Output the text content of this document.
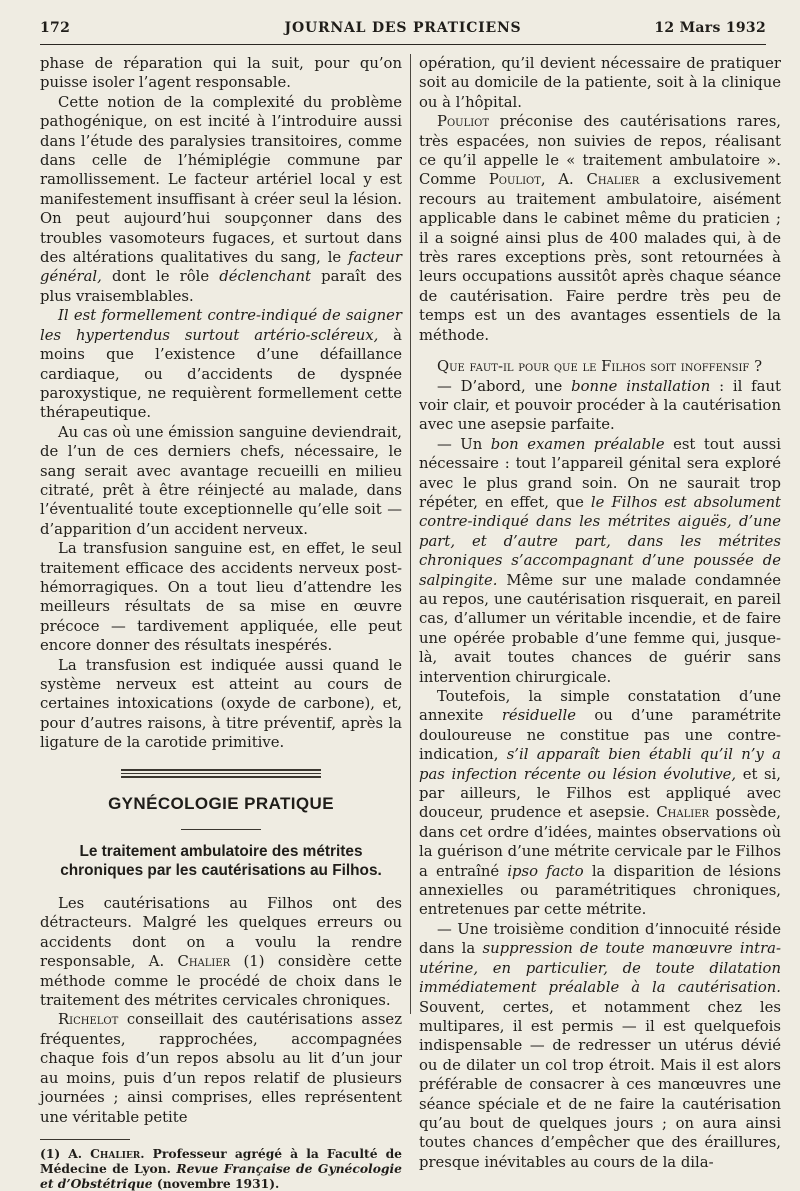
172	JOURNAL DES PRATICIENS	12 Mars 1932

phase de réparation qui la suit, pour qu’on puisse isoler l’agent responsable.

Cette notion de la complexité du problème pathogénique, on est incité à l’introduire aussi dans l’étude des paralysies transitoires, comme dans celle de l’hémiplégie commune par ramollissement. Le facteur artériel local y est manifestement insuffisant à créer seul la lésion. On peut aujourd’hui soupçonner dans des troubles vasomoteurs fugaces, et surtout dans des altérations qualitatives du sang, le facteur général, dont le rôle déclenchant paraît des plus vraisemblables.

Il est formellement contre-indiqué de saigner les hypertendus surtout artério-scléreux, à moins que l’existence d’une défaillance cardiaque, ou d’accidents de dyspnée paroxystique, ne requièrent formellement cette thérapeutique.

Au cas où une émission sanguine deviendrait, de l’un de ces derniers chefs, nécessaire, le sang serait avec avantage recueilli en milieu citraté, prêt à être réinjecté au malade, dans l’éventualité toute exceptionnelle qu’elle soit — d’apparition d’un accident nerveux.

La transfusion sanguine est, en effet, le seul traitement efficace des accidents nerveux post-hémorragiques. On a tout lieu d’attendre les meilleurs résultats de sa mise en œuvre précoce — tardivement appliquée, elle peut encore donner des résultats inespérés.

La transfusion est indiquée aussi quand le système nerveux est atteint au cours de certaines intoxications (oxyde de carbone), et, pour d’autres raisons, à titre préventif, après la ligature de la carotide primitive.

GYNÉCOLOGIE PRATIQUE
Le traitement ambulatoire des métrites chroniques par les cautérisations au Filhos.

Les cautérisations au Filhos ont des détracteurs. Malgré les quelques erreurs ou accidents dont on a voulu la rendre responsable, A. Chalier (1) considère cette méthode comme le procédé de choix dans le traitement des métrites cervicales chroniques.

Richelot conseillait des cautérisations assez fréquentes, rapprochées, accompagnées chaque fois d’un repos absolu au lit d’un jour au moins, puis d’un repos relatif de plusieurs journées ; ainsi comprises, elles représentent une véritable petite

(1) A. Chalier. Professeur agrégé à la Faculté de Médecine de Lyon. Revue Française de Gynécologie et d’Obstétrique (novembre 1931).

opération, qu’il devient nécessaire de pratiquer soit au domicile de la patiente, soit à la clinique ou à l’hôpital.

Pouliot préconise des cautérisations rares, très espacées, non suivies de repos, réalisant ce qu’il appelle le « traitement ambulatoire ». Comme Pouliot, A. Chalier a exclusivement recours au traitement ambulatoire, aisément applicable dans le cabinet même du praticien ; il a soigné ainsi plus de 400 malades qui, à de très rares exceptions près, sont retournées à leurs occupations aussitôt après chaque séance de cautérisation. Faire perdre très peu de temps est un des avantages essentiels de la méthode.

Que faut-il pour que le Filhos soit inoffensif ?

— D’abord, une bonne installation : il faut voir clair, et pouvoir procéder à la cautérisation avec une asepsie parfaite.

— Un bon examen préalable est tout aussi nécessaire : tout l’appareil génital sera exploré avec le plus grand soin. On ne saurait trop répéter, en effet, que le Filhos est absolument contre-indiqué dans les métrites aiguës, d’une part, et d’autre part, dans les métrites chroniques s’accompagnant d’une poussée de salpingite. Même sur une malade condamnée au repos, une cautérisation risquerait, en pareil cas, d’allumer un véritable incendie, et de faire une opérée probable d’une femme qui, jusque-là, avait toutes chances de guérir sans intervention chirurgicale.

Toutefois, la simple constatation d’une annexite résiduelle ou d’une paramétrite douloureuse ne constitue pas une contre-indication, s’il apparaît bien établi qu’il n’y a pas infection récente ou lésion évolutive, et si, par ailleurs, le Filhos est appliqué avec douceur, prudence et asepsie. Chalier possède, dans cet ordre d’idées, maintes observations où la guérison d’une métrite cervicale par le Filhos a entraîné ipso facto la disparition de lésions annexielles ou paramétritiques chroniques, entretenues par cette métrite.

— Une troisième condition d’innocuité réside dans la suppression de toute manœuvre intra-utérine, en particulier, de toute dilatation immédiatement préalable à la cautérisation. Souvent, certes, et notamment chez les multipares, il est permis — il est quelquefois indispensable — de redresser un utérus dévié ou de dilater un col trop étroit. Mais il est alors préférable de consacrer à ces manœuvres une séance spéciale et de ne faire la cautérisation qu’au bout de quelques jours ; on aura ainsi toutes chances d’empêcher que des éraillures, presque inévitables au cours de la dila-
